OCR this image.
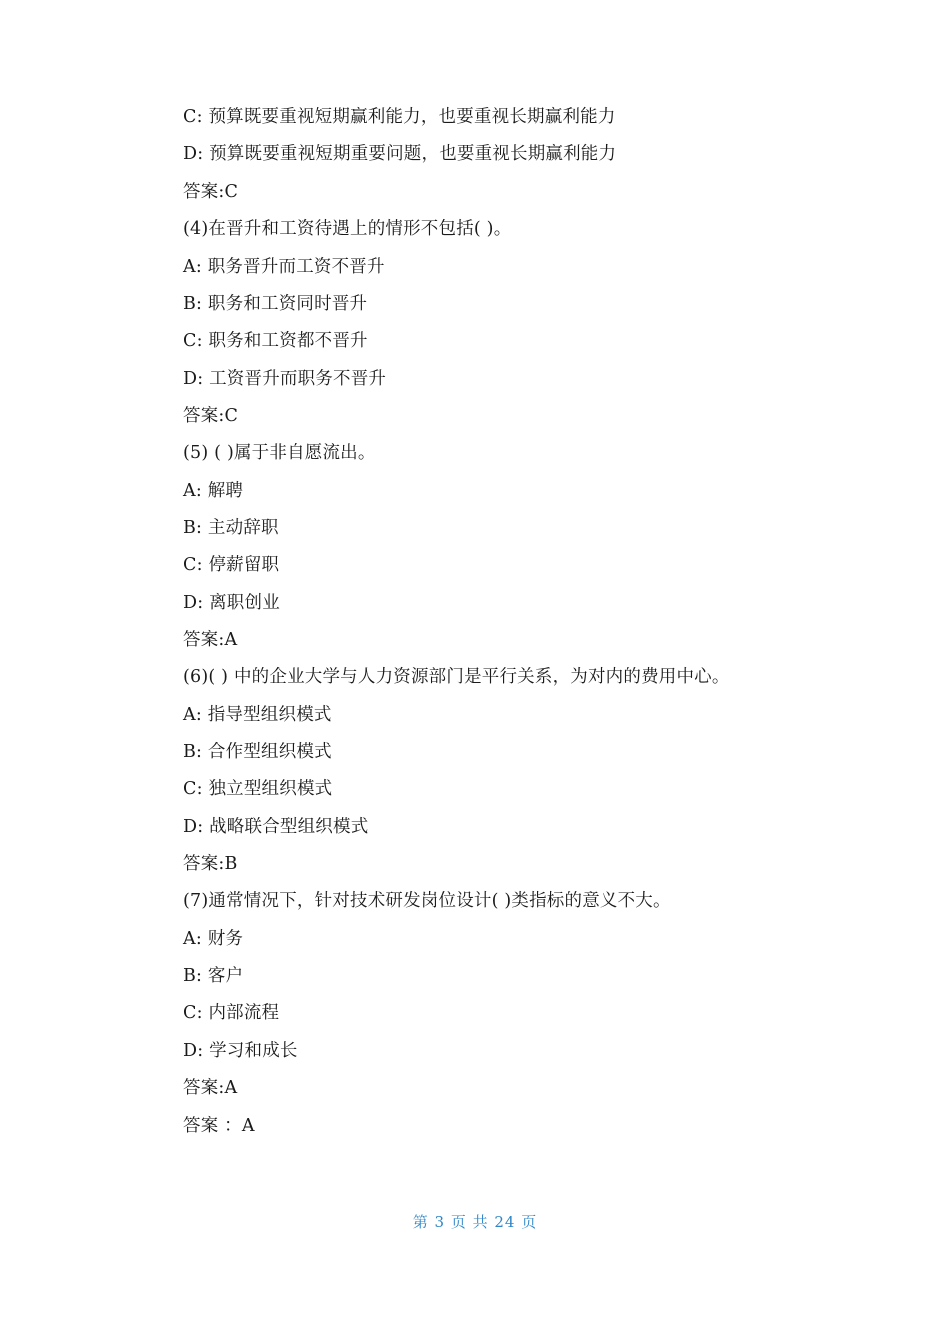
C: 预算既要重视短期赢利能力，也要重视长期赢利能力
D: 预算既要重视短期重要问题，也要重视长期赢利能力
答案:C
(4)在晋升和工资待遇上的情形不包括( )。
A: 职务晋升而工资不晋升
B: 职务和工资同时晋升
C: 职务和工资都不晋升
D: 工资晋升而职务不晋升
答案:C
(5) ( )属于非自愿流出。
A: 解聘
B: 主动辞职
C: 停薪留职
D: 离职创业
答案:A
(6)( ) 中的企业大学与人力资源部门是平行关系，为对内的费用中心。
A: 指导型组织模式
B: 合作型组织模式
C: 独立型组织模式
D: 战略联合型组织模式
答案:B
(7)通常情况下，针对技术研发岗位设计( )类指标的意义不大。
A: 财务
B: 客户
C: 内部流程
D: 学习和成长
答案:A
答案 ：A
第 3 页 共 24 页
